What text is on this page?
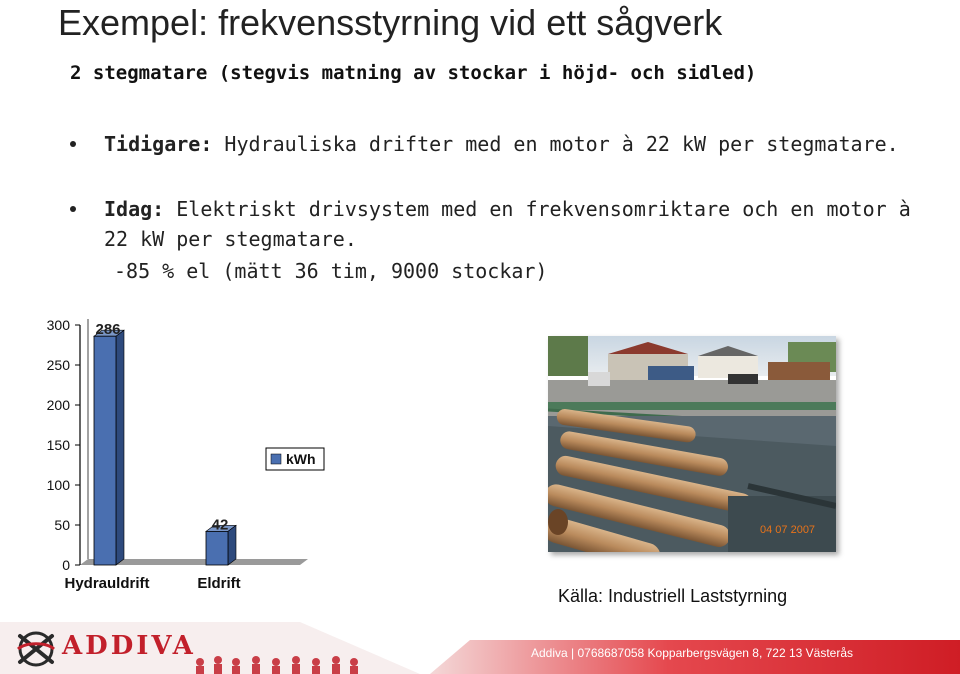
Exempel: frekvensstyrning vid ett sågverk
2 stegmatare (stegvis matning av stockar i höjd- och sidled)
Tidigare: Hydrauliska drifter med en motor à 22 kW per stegmatare.
Idag: Elektriskt drivsystem med en frekvensomriktare och en motor à
22 kW per stegmatare.
-85 % el (mätt 36 tim, 9000 stockar)
0
50
100
150
200
250
300 286
42
Hydrauldrift	Eldrift
kWh
04 07 2007
Källa: Industriell Laststyrning
ADDIVA	Addiva | 0768687058 Kopparbergsvägen 8, 722 13 Västerås
